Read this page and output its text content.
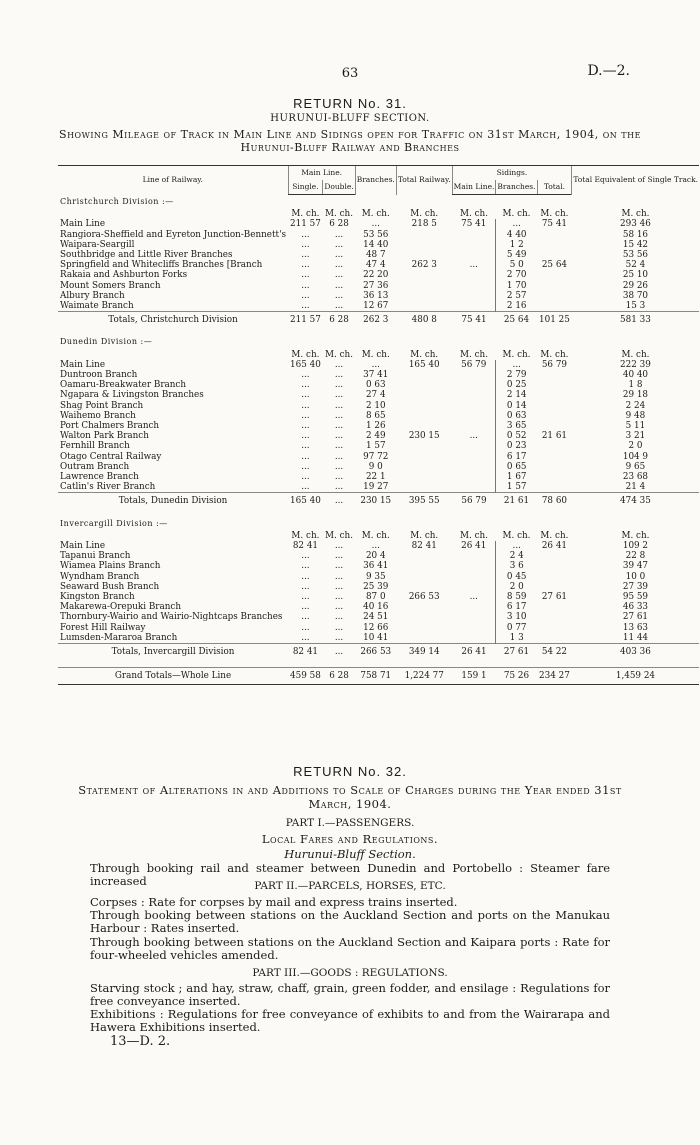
63	D.—2.
RETURN No. 31.
HURUNUI-BLUFF SECTION.
Showing Mileage of Track in Main Line and Sidings open for Traffic on 31st March, 1904, on the Hurunui-Bluff Railway and Branches
Line of Railway.	Main Line.		Branches.	Total Railway.	Sidings.			Total Equivalent of Single Track.
	Single.	Double.			Main Line.	Branches.	Total.	
Christchurch Division :—								
	M. ch.	M. ch.	M. ch.	M. ch.	M. ch.	M. ch.	M. ch.	M. ch.
Main Line	211 57	6 28	...	218 5	75 41	...	75 41	293 46
Rangiora-Sheffield and Eyreton Junction-Bennett's	...	...	53 56			4 40		58 16
Waipara-Seargill	...	...	14 40			1 2		15 42
Southbridge and Little River Branches	...	...	48 7			5 49		53 56
Springfield and Whitecliffs Branches [Branch	...	...	47 4	262 3	...	5 0	25 64	52 4
Rakaia and Ashburton Forks	...	...	22 20			2 70		25 10
Mount Somers Branch	...	...	27 36			1 70		29 26
Albury Branch	...	...	36 13			2 57		38 70
Waimate Branch	...	...	12 67			2 16		15 3
Totals, Christchurch Division	211 57	6 28	262 3	480 8	75 41	25 64	101 25	581 33

Dunedin Division :—								
	M. ch.	M. ch.	M. ch.	M. ch.	M. ch.	M. ch.	M. ch.	M. ch.
Main Line	165 40	...	...	165 40	56 79	...	56 79	222 39
Duntroon Branch	...	...	37 41			2 79		40 40
Oamaru-Breakwater Branch	...	...	0 63			0 25		1 8
Ngapara & Livingston Branches	...	...	27 4			2 14		29 18
Shag Point Branch	...	...	2 10			0 14		2 24
Waihemo Branch	...	...	8 65			0 63		9 48
Port Chalmers Branch	...	...	1 26			3 65		5 11
Walton Park Branch	...	...	2 49	230 15	...	0 52	21 61	3 21
Fernhill Branch	...	...	1 57			0 23		2 0
Otago Central Railway	...	...	97 72			6 17		104 9
Outram Branch	...	...	9 0			0 65		9 65
Lawrence Branch	...	...	22 1			1 67		23 68
Catlin's River Branch	...	...	19 27			1 57		21 4
Totals, Dunedin Division	165 40	...	230 15	395 55	56 79	21 61	78 60	474 35

Invercargill Division :—								
	M. ch.	M. ch.	M. ch.	M. ch.	M. ch.	M. ch.	M. ch.	M. ch.
Main Line	82 41	...	...	82 41	26 41	...	26 41	109 2
Tapanui Branch	...	...	20 4			2 4		22 8
Wiamea Plains Branch	...	...	36 41			3 6		39 47
Wyndham Branch	...	...	9 35			0 45		10 0
Seaward Bush Branch	...	...	25 39			2 0		27 39
Kingston Branch	...	...	87 0	266 53	...	8 59	27 61	95 59
Makarewa-Orepuki Branch	...	...	40 16			6 17		46 33
Thornbury-Wairio and Wairio-Nightcaps Branches	...	...	24 51			3 10		27 61
Forest Hill Railway	...	...	12 66			0 77		13 63
Lumsden-Mararoa Branch	...	...	10 41			1 3		11 44
Totals, Invercargill Division	82 41	...	266 53	349 14	26 41	27 61	54 22	403 36

Grand Totals—Whole Line	459 58	6 28	758 71	1,224 77	159 1	75 26	234 27	1,459 24
RETURN No. 32.
Statement of Alterations in and Additions to Scale of Charges during the Year ended 31st March, 1904.
PART I.—PASSENGERS.
Local Fares and Regulations.
Hurunui-Bluff Section.
Through booking rail and steamer between Dunedin and Portobello : Steamer fare increased	PART II.—PARCELS, HORSES, ETC.
Corpses : Rate for corpses by mail and express trains inserted.
Through booking between stations on the Auckland Section and ports on the Manukau Harbour : Rates inserted.
Through booking between stations on the Auckland Section and Kaipara ports : Rate for four-wheeled vehicles amended.
PART III.—GOODS : REGULATIONS.
Starving stock ; and hay, straw, chaff, grain, green fodder, and ensilage : Regulations for free conveyance inserted.
Exhibitions : Regulations for free conveyance of exhibits to and from the Wairarapa and Hawera Exhibitions inserted.
13—D. 2.
